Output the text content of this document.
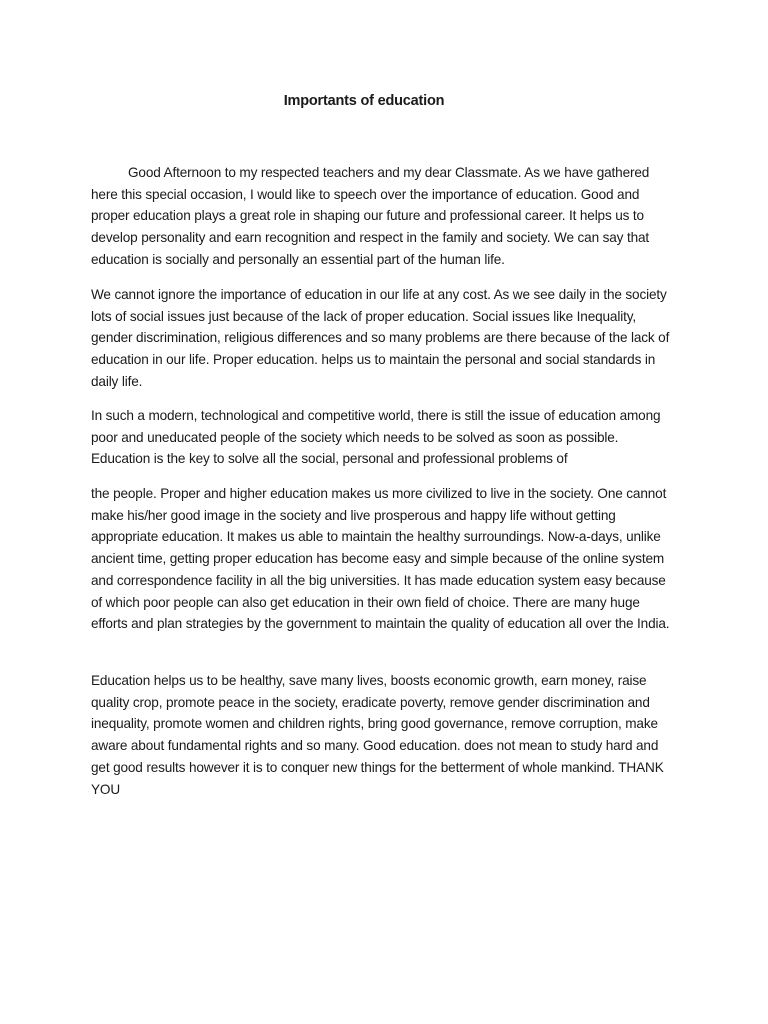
Importants of education

Good Afternoon to my respected teachers and my dear Classmate. As we have gathered here this special occasion, I would like to speech over the importance of education. Good and proper education plays a great role in shaping our future and professional career. It helps us to develop personality and earn recognition and respect in the family and society. We can say that education is socially and personally an essential part of the human life.

We cannot ignore the importance of education in our life at any cost. As we see daily in the society lots of social issues just because of the lack of proper education. Social issues like Inequality, gender discrimination, religious differences and so many problems are there because of the lack of education in our life. Proper education. helps us to maintain the personal and social standards in daily life.

In such a modern, technological and competitive world, there is still the issue of education among poor and uneducated people of the society which needs to be solved as soon as possible. Education is the key to solve all the social, personal and professional problems of

the people. Proper and higher education makes us more civilized to live in the society. One cannot make his/her good image in the society and live prosperous and happy life without getting appropriate education. It makes us able to maintain the healthy surroundings. Now-a-days, unlike ancient time, getting proper education has become easy and simple because of the online system and correspondence facility in all the big universities. It has made education system easy because of which poor people can also get education in their own field of choice. There are many huge efforts and plan strategies by the government to maintain the quality of education all over the India.

Education helps us to be healthy, save many lives, boosts economic growth, earn money, raise quality crop, promote peace in the society, eradicate poverty, remove gender discrimination and inequality, promote women and children rights, bring good governance, remove corruption, make aware about fundamental rights and so many. Good education. does not mean to study hard and get good results however it is to conquer new things for the betterment of whole mankind. THANK YOU
